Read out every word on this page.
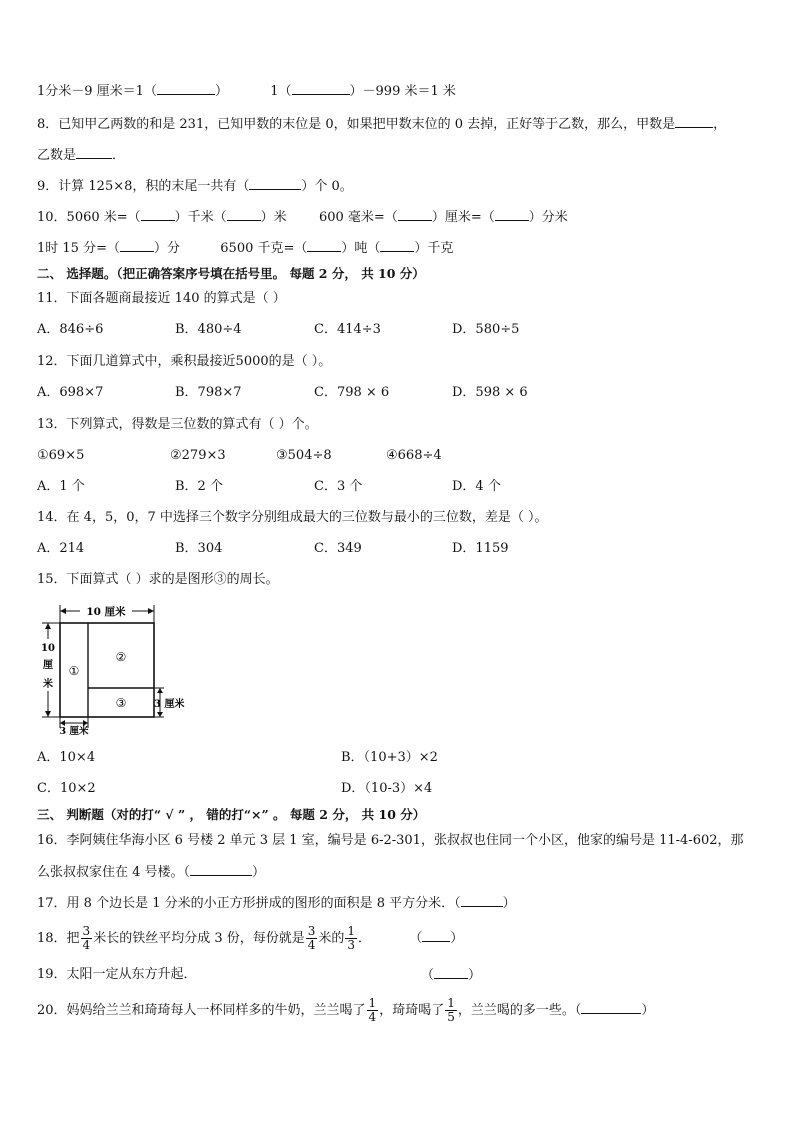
1分米－9 厘米＝1（	）	1（	）－999 米＝1 米
8．已知甲乙两数的和是 231，已知甲数的末位是 0，如果把甲数末位的 0 去掉，正好等于乙数，那么，甲数是	，
乙数是	．
9．计算 125×8，积的末尾一共有（	）个 0。
10．5060 米=（	）千米（	）米 600 毫米=（	）厘米=（	）分米
1时 15 分=（	）分	6500 千克=（	）吨（	）千克
二、 选择题。（把正确答案序号填在括号里。 每题 2 分， 共 10 分）
11．下面各题商最接近 140 的算式是（ ）
A．846÷6	B．480÷4	C．414÷3	D．580÷5
12．下面几道算式中，乘积最接近5000的是（ ）。
A．698×7	B．798×7	C．798 × 6	D．598 × 6
13．下列算式，得数是三位数的算式有（ ）个。
①69×5	②279×3	③504÷8	④668÷4
A．1 个	B．2 个	C．3 个	D．4 个
14．在 4，5，0，7 中选择三个数字分别组成最大的三位数与最小的三位数，差是（ ）。
A．214	B．304	C．349	D．1159
15．下面算式（ ）求的是图形③的周长。
10 厘米
10
厘
米
3 厘米
3 厘米
①
②
③
A．10×4	B．（10+3）×2
C．10×2	D．（10-3）×4
三、 判断题（对的打“ √ ” ， 错的打“×” 。 每题 2 分， 共 10 分）
16．李阿姨住华海小区 6 号楼 2 单元 3 层 1 室，编号是 6-2-301，张叔叔也住同一个小区，他家的编号是 11-4-602，那
么张叔叔家住在 4 号楼。（	）
17．用 8 个边长是 1 分米的小正方形拼成的图形的面积是 8 平方分米．（	）
18．把 $\frac{3}{4}$ 米长的铁丝平均分成 3 份，每份就是 $\frac{3}{4}$ 米的 $\frac{1}{3}$ ．	（ ）
19．太阳一定从东方升起．	（	）
20．妈妈给兰兰和琦琦每人一杯同样多的牛奶，兰兰喝了 $\frac{1}{4}$ ，琦琦喝了 $\frac{1}{5}$ ，兰兰喝的多一些。（	）
